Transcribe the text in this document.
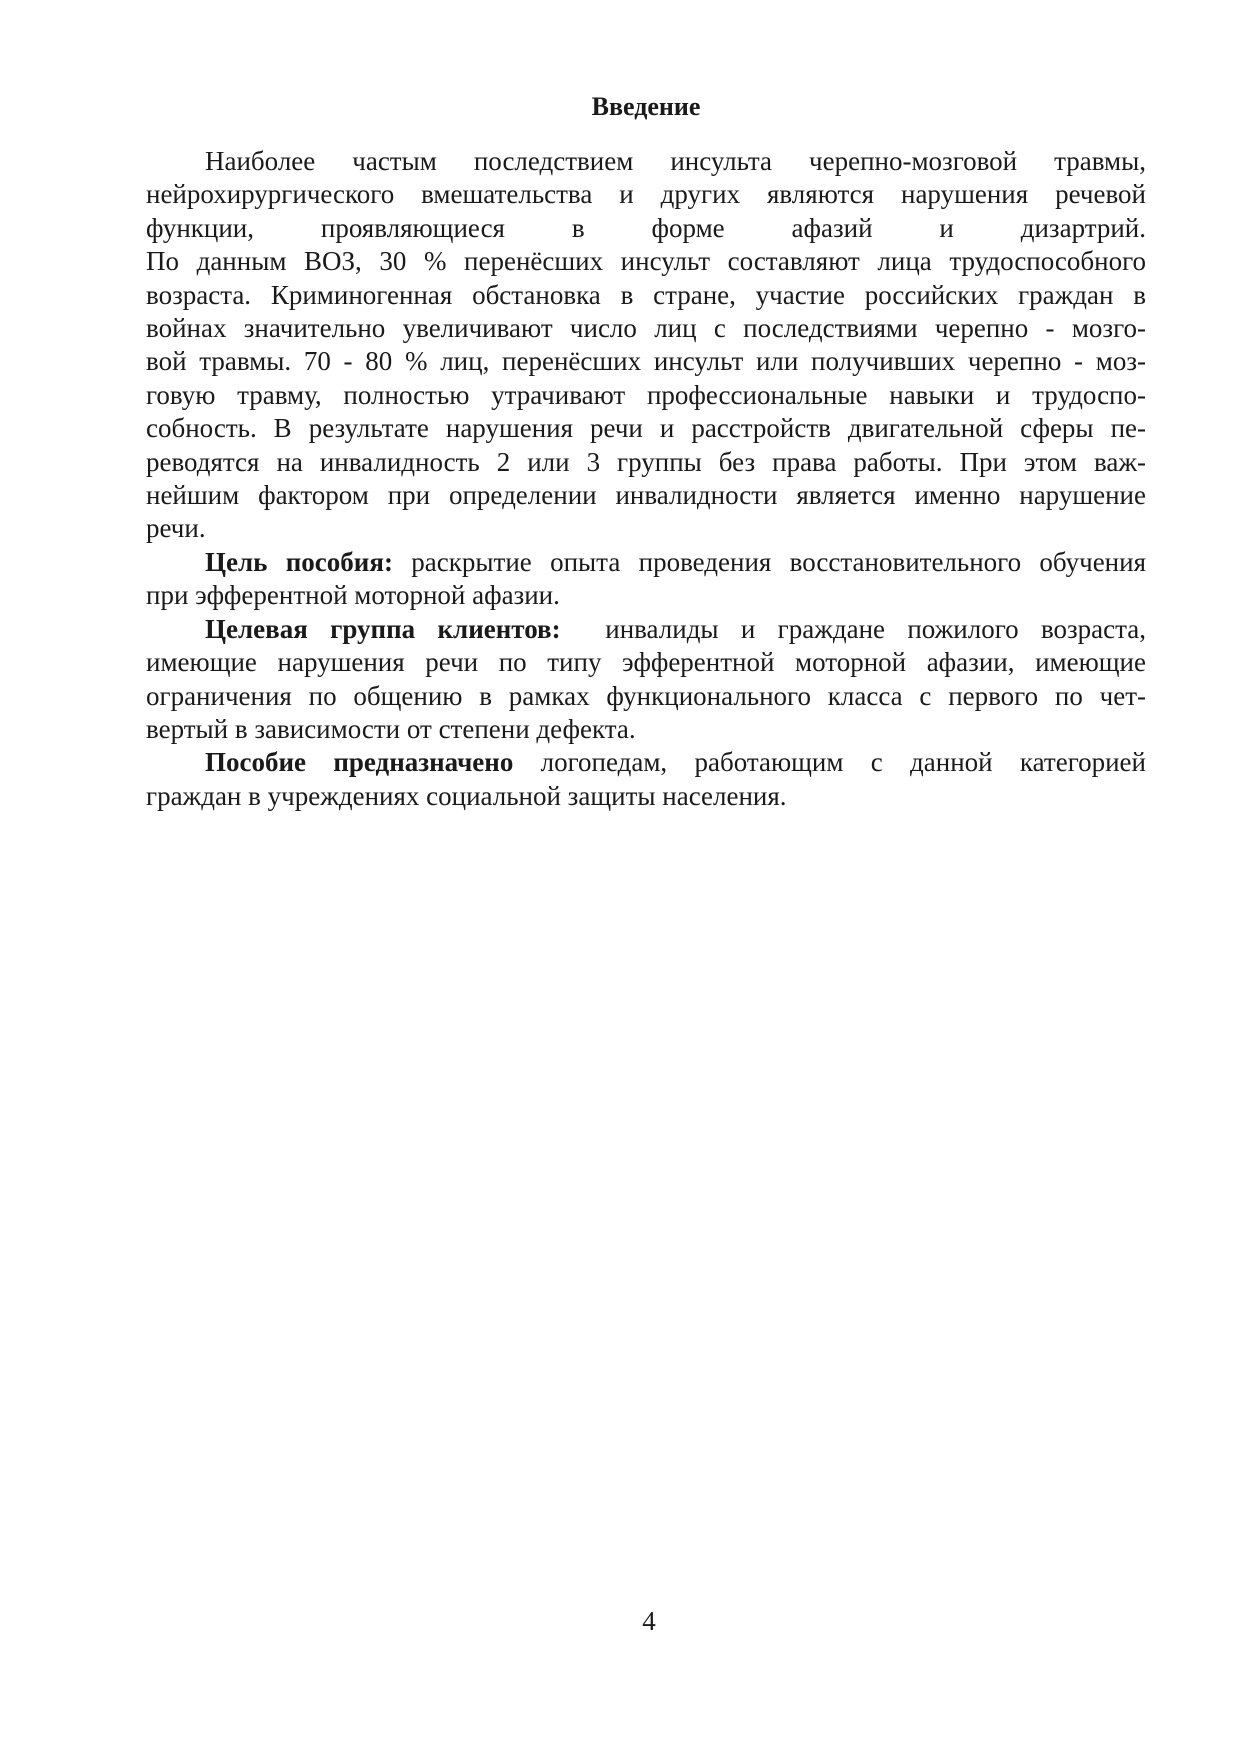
Введение
Наиболее частым последствием инсульта черепно-мозговой травмы,
нейрохирургического вмешательства и других являются нарушения речевой
функции, проявляющиеся в форме афазий и дизартрий.
По данным ВОЗ, 30 % перенёсших инсульт составляют лица трудоспособного
возраста. Криминогенная обстановка в стране, участие российских граждан в
войнах значительно увеличивают число лиц с последствиями черепно - мозго-
вой травмы. 70 - 80 % лиц, перенёсших инсульт или получивших черепно - моз-
говую травму, полностью утрачивают профессиональные навыки и трудоспо-
собность. В результате нарушения речи и расстройств двигательной сферы пе-
реводятся на инвалидность 2 или 3 группы без права работы. При этом важ-
нейшим фактором при определении инвалидности является именно нарушение
речи.
Цель пособия: раскрытие опыта проведения восстановительного обучения
при эфферентной моторной афазии.
Целевая группа клиентов:  инвалиды и граждане пожилого возраста,
имеющие нарушения речи по типу эфферентной моторной афазии, имеющие
ограничения по общению в рамках функционального класса с первого по чет-
вертый в зависимости от степени дефекта.
Пособие предназначено логопедам, работающим с данной категорией
граждан в учреждениях социальной защиты населения.
4
